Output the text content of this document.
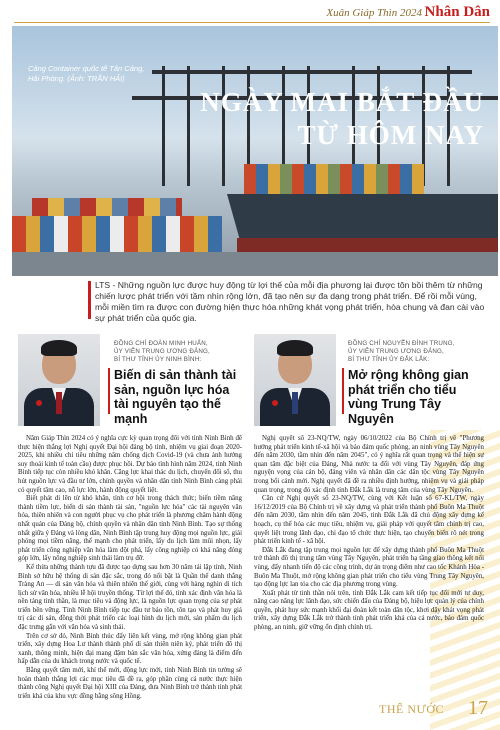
Xuân Giáp Thìn 2024 Nhân Dân
Cảng Container quốc tế Tân Cảng,
Hải Phòng. (Ảnh: TRẦN HẢI)
NGÀY MAI BẮT ĐẦU
TỪ HÔM NAY
LTS - Những nguồn lực được huy động từ lợi thế của mỗi địa phương lại được tôn bồi thêm từ những chiến lược phát triển với tầm nhìn rộng lớn, đã tạo nên sự đa dạng trong phát triển. Để rồi mỗi vùng, mỗi miền tìm ra được con đường hiện thực hóa những khát vọng phát triển, hòa chung và đan cài vào sự phát triển của quốc gia.
ĐỒNG CHÍ ĐOÀN MINH HUẤN,
ỦY VIÊN TRUNG ƯƠNG ĐẢNG,
BÍ THƯ TỈNH ỦY NINH BÌNH:
Biến di sản thành tài sản, nguồn lực hóa tài nguyên tạo thế mạnh
ĐỒNG CHÍ NGUYỄN ĐÌNH TRUNG,
ỦY VIÊN TRUNG ƯƠNG ĐẢNG,
BÍ THƯ TỈNH ỦY ĐẮK LẮK:
Mở rộng không gian phát triển cho tiểu vùng Trung Tây Nguyên

Năm Giáp Thìn 2024 có ý nghĩa cực kỳ quan trọng đối với tỉnh Ninh Bình để thực hiện thắng lợi Nghị quyết Đại hội đảng bộ tỉnh, nhiệm vụ giai đoạn 2020-2025, khi nhiều chỉ tiêu những năm chống dịch Covid-19 (và chưa ảnh hưởng suy thoái kinh tế toàn cầu) được phục hồi. Dự báo tình hình năm 2024, tỉnh Ninh Bình tiếp tục còn nhiều khó khăn. Căng lực khai thác du lịch, chuyển đổi số, thu hút nguồn lực và đầu tư lớn, chính quyền và nhân dân tỉnh Ninh Bình càng phải có quyết tâm cao, nỗ lực lớn, hành động quyết liệt.

Biết phát di lên từ khó khăn, tỉnh cơ hội trong thách thức; biến tiềm năng thành tiềm lực, biến di sản thành tài sản, "nguồn lực hóa" các tài nguyên văn hóa, thiên nhiên và con người phục vụ cho phát triển là phương châm hành động nhất quán của Đảng bộ, chính quyền và nhân dân tỉnh Ninh Bình. Tạo sự thống nhất giữa ý Đảng và lòng dân, Ninh Bình tập trung huy động mọi nguồn lực, giải phóng mọi tiềm năng, thế mạnh cho phát triển, lấy du lịch làm mũi nhọn, lấy phát triển công nghiệp văn hóa làm đột phá, lấy công nghiệp có khả năng đóng góp lớn, lấy nông nghiệp sinh thái làm trụ đỡ.

Kể thừa những thành tựu đã được tạo dựng sau hơn 30 năm tái lập tỉnh, Ninh Bình sở hữu hệ thống di sản đặc sắc, trong đó nổi bật là Quần thể danh thắng Tràng An — di sản văn hóa và thiên nhiên thế giới, cùng với hàng nghìn di tích lịch sử văn hóa, nhiều lễ hội truyền thống. Từ lợi thế đó, tỉnh xác định văn hóa là nền tảng tinh thần, là mục tiêu và động lực, là nguồn lực quan trọng của sự phát triển bền vững. Tỉnh Ninh Bình tiếp tục đầu tư bảo tồn, tôn tạo và phát huy giá trị các di sản, đồng thời phát triển các loại hình du lịch mới, sản phẩm du lịch đặc trưng gắn với văn hóa và sinh thái.

Trên cơ sở đó, Ninh Bình thúc đẩy liên kết vùng, mở rộng không gian phát triển, xây dựng Hoa Lư thành thành phố di sản thiên niên kỷ, phát triển đô thị xanh, thông minh, hiện đại mang đậm bản sắc văn hóa, xứng đáng là điểm đến hấp dẫn của du khách trong nước và quốc tế.

Bằng quyết tâm mới, khí thế mới, động lực mới, tỉnh Ninh Bình tin tưởng sẽ hoàn thành thắng lợi các mục tiêu đã đề ra, góp phần cùng cả nước thực hiện thành công Nghị quyết Đại hội XIII của Đảng, đưa Ninh Bình trở thành tỉnh phát triển khá của khu vực đồng bằng sông Hồng.

Nghị quyết số 23-NQ/TW, ngày 06/10/2022 của Bộ Chính trị về "Phương hướng phát triển kinh tế-xã hội và bảo đảm quốc phòng, an ninh vùng Tây Nguyên đến năm 2030, tầm nhìn đến năm 2045", có ý nghĩa rất quan trọng và thể hiện sự quan tâm đặc biệt của Đảng, Nhà nước ta đối với vùng Tây Nguyên, đáp ứng nguyện vọng của cán bộ, đảng viên và nhân dân các dân tộc vùng Tây Nguyên trong bối cảnh mới. Nghị quyết đã đề ra nhiều định hướng, nhiệm vụ và giải pháp quan trọng, trong đó xác định tỉnh Đắk Lắk là trung tâm của vùng Tây Nguyên.

Căn cứ Nghị quyết số 23-NQ/TW, cùng với Kết luận số 67-KL/TW, ngày 16/12/2019 của Bộ Chính trị về xây dựng và phát triển thành phố Buôn Ma Thuột đến năm 2030, tầm nhìn đến năm 2045, tỉnh Đắk Lắk đã chủ động xây dựng kế hoạch, cụ thể hóa các mục tiêu, nhiệm vụ, giải pháp với quyết tâm chính trị cao, quyết liệt trong lãnh đạo, chỉ đạo tổ chức thực hiện, tạo chuyển biến rõ nét trong phát triển kinh tế - xã hội.

Đắk Lắk đang tập trung mọi nguồn lực để xây dựng thành phố Buôn Ma Thuột trở thành đô thị trung tâm vùng Tây Nguyên, phát triển hạ tầng giao thông kết nối vùng, đẩy nhanh tiến độ các công trình, dự án trọng điểm như cao tốc Khánh Hòa - Buôn Ma Thuột, mở rộng không gian phát triển cho tiểu vùng Trung Tây Nguyên, tạo động lực lan tỏa cho các địa phương trong vùng.

Xuất phát từ tinh thần nói trên, tỉnh Đắk Lắk cam kết tiếp tục đổi mới tư duy, nâng cao năng lực lãnh đạo, sức chiến đấu của Đảng bộ, hiệu lực quản lý của chính quyền, phát huy sức mạnh khối đại đoàn kết toàn dân tộc, khơi dậy khát vọng phát triển, xây dựng Đắk Lắk trở thành tỉnh phát triển khá của cả nước, bảo đảm quốc phòng, an ninh, giữ vững ổn định chính trị.

THẾ NƯỚC 17
